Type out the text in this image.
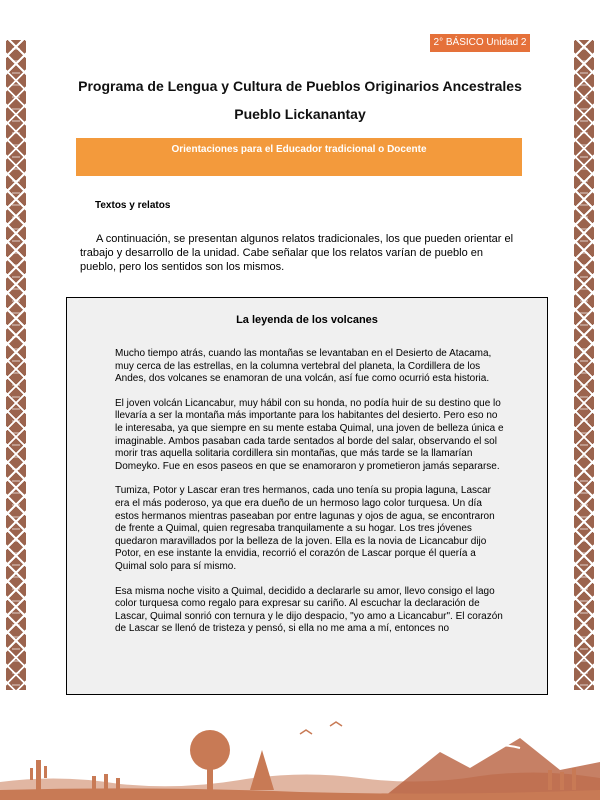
2° BÁSICO Unidad 2
Programa de Lengua y Cultura de Pueblos Originarios Ancestrales
Pueblo Lickanantay
Orientaciones para el Educador tradicional o Docente
Textos y relatos
A continuación, se presentan algunos relatos tradicionales, los que pueden orientar el trabajo y desarrollo de la unidad. Cabe señalar que los relatos varían de pueblo en pueblo, pero los sentidos son los mismos.
La leyenda de los volcanes

Mucho tiempo atrás, cuando las montañas se levantaban en el Desierto de Atacama, muy cerca de las estrellas, en la columna vertebral del planeta, la Cordillera de los Andes, dos volcanes se enamoran de una volcán, así fue como ocurrió esta historia.

El joven volcán Licancabur, muy hábil con su honda, no podía huir de su destino que lo llevaría a ser la montaña más importante para los habitantes del desierto. Pero eso no le interesaba, ya que siempre en su mente estaba Quimal, una joven de belleza única e imaginable. Ambos pasaban cada tarde sentados al borde del salar, observando el sol morir tras aquella solitaria cordillera sin montañas, que más tarde se la llamarían Domeyko. Fue en esos paseos en que se enamoraron y prometieron jamás separarse.

Tumiza, Potor y Lascar eran tres hermanos, cada uno tenía su propia laguna, Lascar era el más poderoso, ya que era dueño de un hermoso lago color turquesa. Un día estos hermanos mientras paseaban por entre lagunas y ojos de agua, se encontraron de frente a Quimal, quien regresaba tranquilamente a su hogar. Los tres jóvenes quedaron maravillados por la belleza de la joven. Ella es la novia de Licancabur dijo Potor, en ese instante la envidia, recorrió el corazón de Lascar porque él quería a Quimal solo para sí mismo.

Esa misma noche visito a Quimal, decidido a declararle su amor, llevo consigo el lago color turquesa como regalo para expresar su cariño. Al escuchar la declaración de Lascar, Quimal sonrió con ternura y le dijo despacio, "yo amo a Licancabur". El corazón de Lascar se llenó de tristeza y pensó, si ella no me ama a mí, entonces no
